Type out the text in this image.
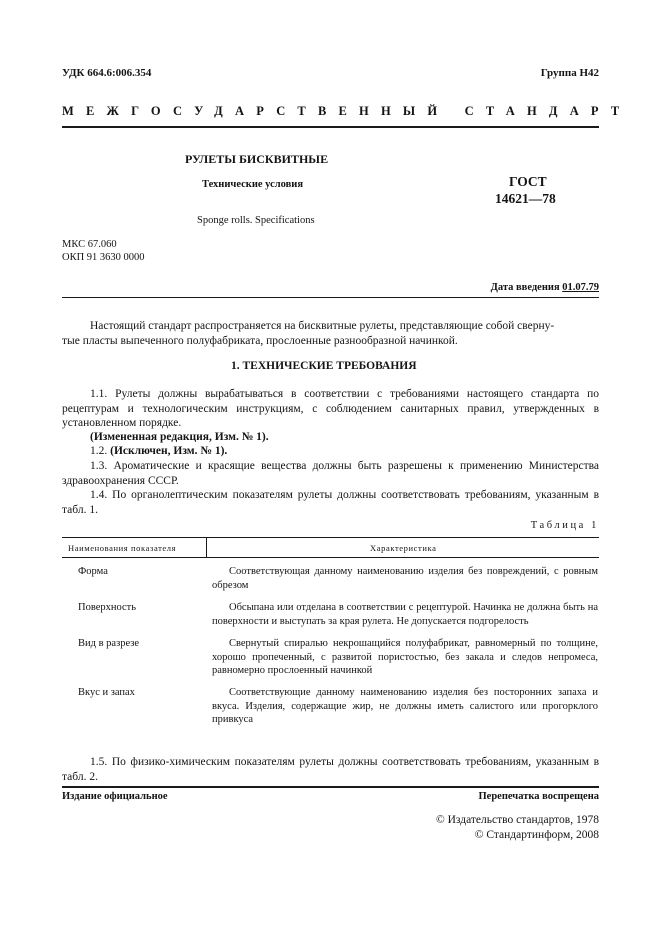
УДК 664.6:006.354	Группа Н42
МЕЖГОСУДАРСТВЕННЫЙ СТАНДАРТ
РУЛЕТЫ БИСКВИТНЫЕ
Технические условия
Sponge rolls. Specifications
ГОСТ
14621—78
МКС 67.060
ОКП 91 3630 0000
Дата введения 01.07.79
Настоящий стандарт распространяется на бисквитные рулеты, представляющие собой сверну-
тые пласты выпеченного полуфабриката, прослоенные разнообразной начинкой.
1. ТЕХНИЧЕСКИЕ ТРЕБОВАНИЯ
1.1. Рулеты должны вырабатываться в соответствии с требованиями настоящего стандарта по рецептурам и технологическим инструкциям, с соблюдением санитарных правил, утвержденных в установленном порядке.
(Измененная редакция, Изм. № 1).
1.2. (Исключен, Изм. № 1).
1.3. Ароматические и красящие вещества должны быть разрешены к применению Министерства здравоохранения СССР.
1.4. По органолептическим показателям рулеты должны соответствовать требованиям, указанным в табл. 1.
Таблица 1
Наименования показателя	Характеристика
Форма	Соответствующая данному наименованию изделия без повреждений, с ровным обрезом
Поверхность	Обсыпана или отделана в соответствии с рецептурой. Начинка не должна быть на поверхности и выступать за края рулета. Не допускается подгорелость
Вид в разрезе	Свернутый спиралью некрошащийся полуфабрикат, равномерный по толщине, хорошо пропеченный, с развитой пористостью, без закала и следов непромеса, равномерно прослоенный начинкой
Вкус и запах	Соответствующие данному наименованию изделия без посторонних запаха и вкуса. Изделия, содержащие жир, не должны иметь салистого или прогорклого привкуса
1.5. По физико-химическим показателям рулеты должны соответствовать требованиям, указанным в табл. 2.
Издание официальное	Перепечатка воспрещена
© Издательство стандартов, 1978
© Стандартинформ, 2008
